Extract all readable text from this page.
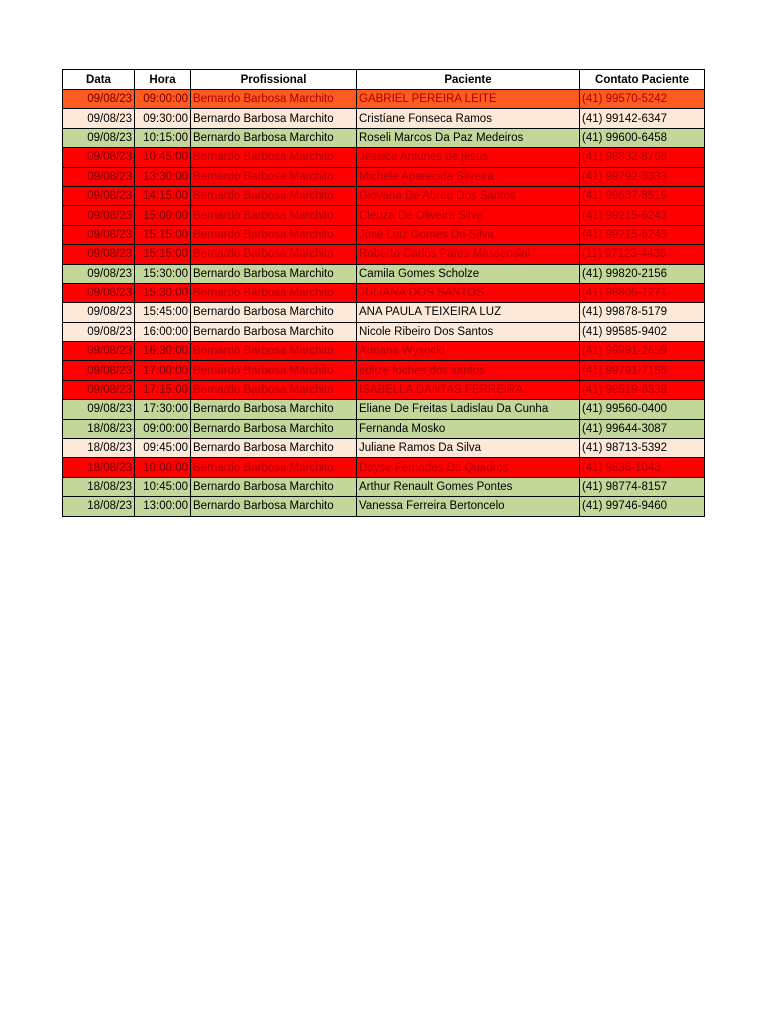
Data	Hora	Profissional	Paciente	Contato Paciente
09/08/23	09:00:00	Bernardo Barbosa Marchito	GABRIEL PEREIRA LEITE	(41) 99570-5242
09/08/23	09:30:00	Bernardo Barbosa Marchito	Cristíane Fonseca Ramos	(41) 99142-6347
09/08/23	10:15:00	Bernardo Barbosa Marchito	Roseli Marcos Da Paz Medeiros	(41) 99600-6458
09/08/23	10:45:00	Bernardo Barbosa Marchito	Jéssica Antunes de jesus	(41) 98832-8768
09/08/23	13:30:00	Bernardo Barbosa Marchito	Michele Aparecida Silveira	(41) 99792-3333
09/08/23	14:15:00	Bernardo Barbosa Marchito	Giovana De Abreu Dos Santos	(41) 99637-8516
09/08/23	15:00:00	Bernardo Barbosa Marchito	Cleuza De Oliveira Silva	(41) 99215-6243
09/08/23	15:15:00	Bernardo Barbosa Marchito	José Luiz Gomes Da Silva	(41) 99215-6243
09/08/23	15:15:00	Bernardo Barbosa Marchito	Roberto Carlos Pares Massensini	(11) 97123-4436
09/08/23	15:30:00	Bernardo Barbosa Marchito	Camila Gomes Scholze	(41) 99820-2156
09/08/23	15:30:00	Bernardo Barbosa Marchito	JULIANA DOS SANTOS	(41) 98805-1271
09/08/23	15:45:00	Bernardo Barbosa Marchito	ANA PAULA TEIXEIRA LUZ	(41) 99878-5179
09/08/23	16:00:00	Bernardo Barbosa Marchito	Nicole Ribeiro Dos Santos	(41) 99585-9402
09/08/23	16:30:00	Bernardo Barbosa Marchito	Adriana Wysocki	(41) 99991-2659
09/08/23	17:00:00	Bernardo Barbosa Marchito	edlize foches dos santos	(41) 99791-7186
09/08/23	17:15:00	Bernardo Barbosa Marchito	ISABELLA DANTAS FERREIRA	(41) 99519-6338
09/08/23	17:30:00	Bernardo Barbosa Marchito	Eliane De Freitas Ladislau Da Cunha	(41) 99560-0400
18/08/23	09:00:00	Bernardo Barbosa Marchito	Fernanda Mosko	(41) 99644-3087
18/08/23	09:45:00	Bernardo Barbosa Marchito	Juliane Ramos Da Silva	(41) 98713-5392
18/08/23	10:00:00	Bernardo Barbosa Marchito	Dayse Fernades De Quadros	(41) 9836-1043
18/08/23	10:45:00	Bernardo Barbosa Marchito	Arthur Renault Gomes Pontes	(41) 98774-8157
18/08/23	13:00:00	Bernardo Barbosa Marchito	Vanessa Ferreira Bertoncelo	(41) 99746-9460
